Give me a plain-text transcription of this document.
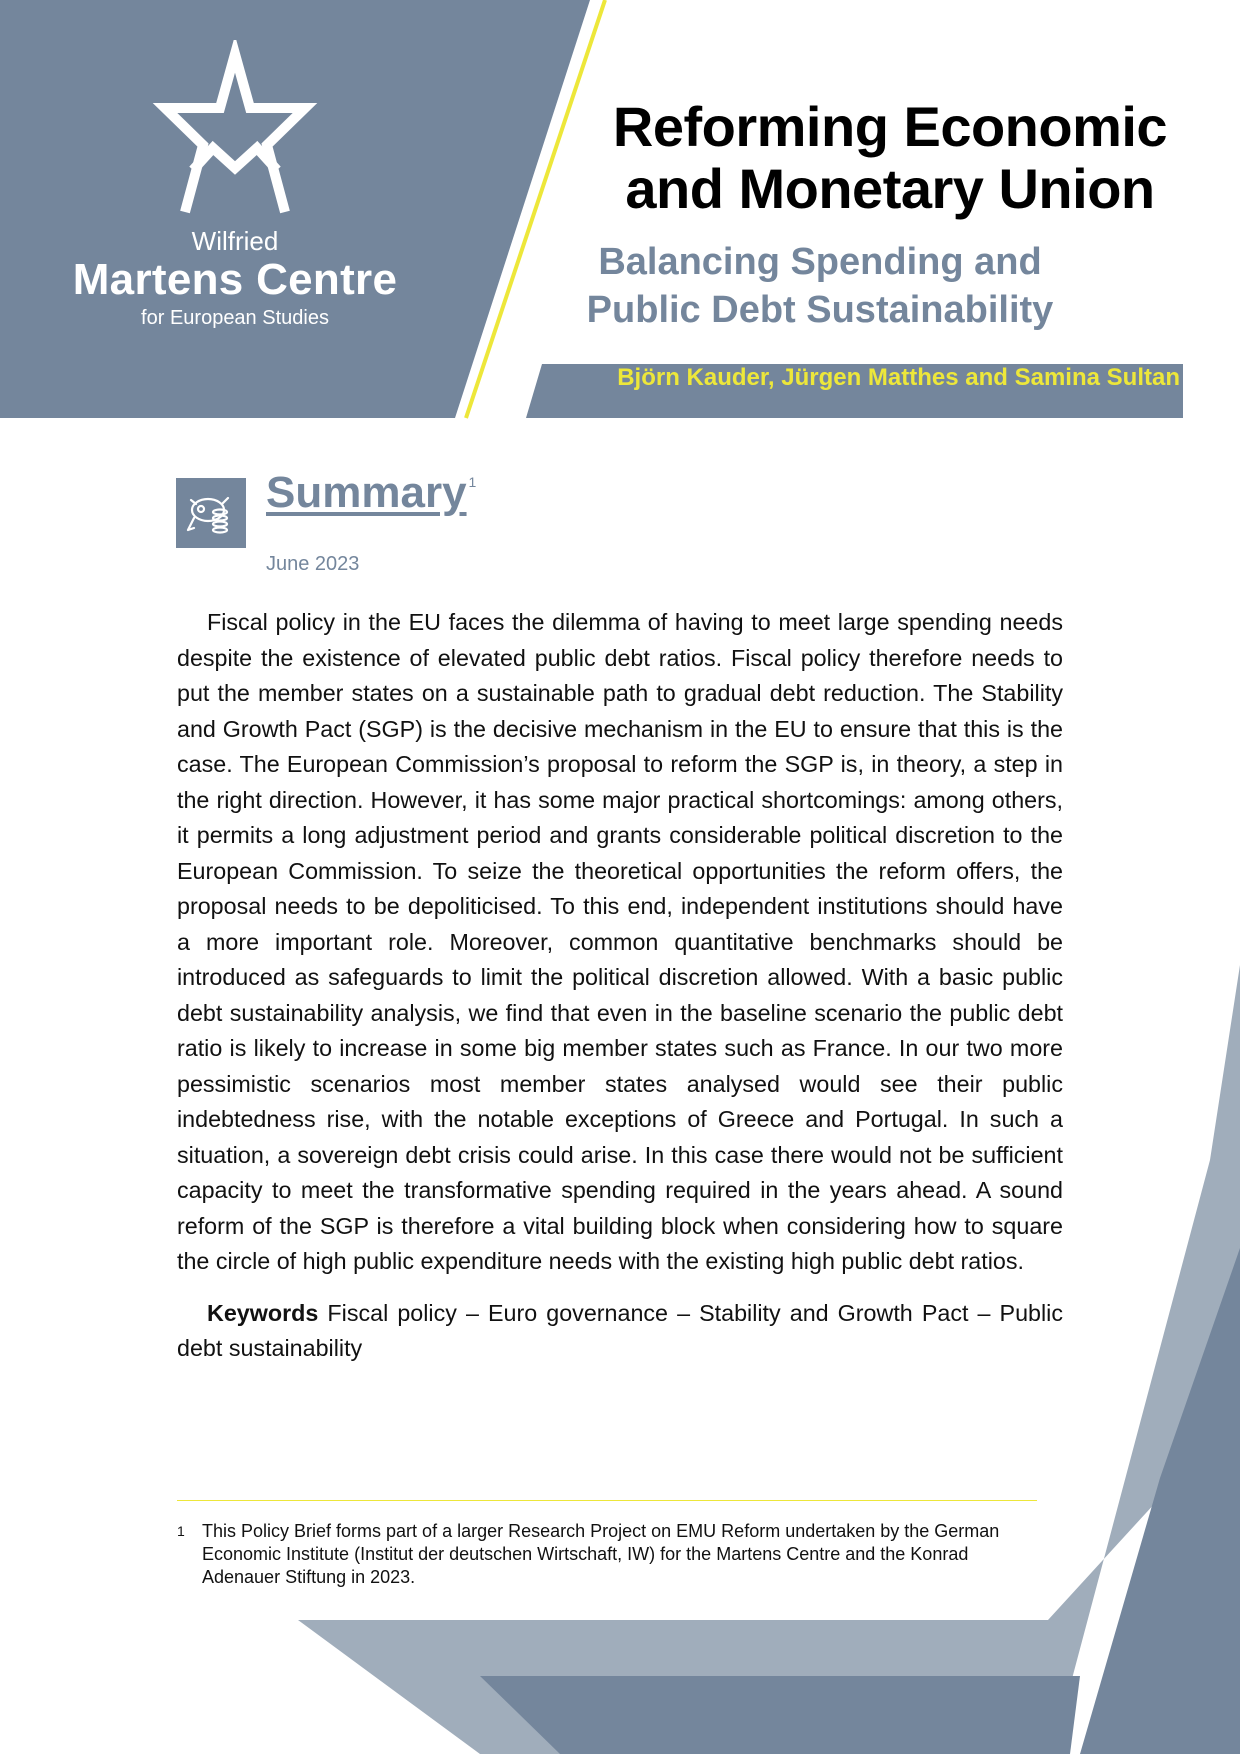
Wilfried
Martens Centre
for European Studies
Reforming Economic and Monetary Union
Balancing Spending and
Public Debt Sustainability
Björn Kauder, Jürgen Matthes and Samina Sultan
Summary $^1$
June 2023

Fiscal policy in the EU faces the dilemma of having to meet large spending needs despite the existence of elevated public debt ratios. Fiscal policy therefore needs to put the member states on a sustainable path to gradual debt reduction. The Stability and Growth Pact (SGP) is the decisive mechanism in the EU to ensure that this is the case. The European Commission’s proposal to reform the SGP is, in theory, a step in the right direction. However, it has some major practical shortcomings: among others, it permits a long adjustment period and grants considerable political discretion to the European Commission. To seize the theoretical opportunities the reform offers, the proposal needs to be depoliticised. To this end, independent institutions should have a more important role. Moreover, common quantitative benchmarks should be introduced as safeguards to limit the political discretion allowed. With a basic public debt sustainability analysis, we find that even in the baseline scenario the public debt ratio is likely to increase in some big member states such as France. In our two more pessimistic scenarios most member states analysed would see their public indebtedness rise, with the notable exceptions of Greece and Portugal. In such a situation, a sovereign debt crisis could arise. In this case there would not be sufficient capacity to meet the transformative spending required in the years ahead. A sound reform of the SGP is therefore a vital building block when considering how to square the circle of high public expenditure needs with the existing high public debt ratios.

Keywords Fiscal policy – Euro governance – Stability and Growth Pact – Public debt sustainability

1 This Policy Brief forms part of a larger Research Project on EMU Reform undertaken by the German Economic Institute (Institut der deutschen Wirtschaft, IW) for the Martens Centre and the Konrad Adenauer Stiftung in 2023.
